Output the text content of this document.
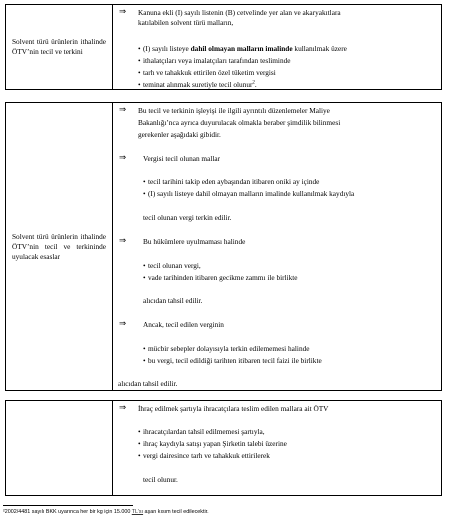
Solvent türü ürünlerin ithalinde ÖTV’nin tecil ve terkini
⇒ Kanuna ekli (I) sayılı listenin (B) cetvelinde yer alan ve akaryakıtlara
katılabilen solvent türü malların,
• (I) sayılı listeye dahil olmayan malların imalinde kullanılmak üzere
• ithalatçıları veya imalatçıları tarafından tesliminde
• tarh ve tahakkuk ettirilen özel tüketim vergisi
• teminat alınmak suretiyle tecil olunur$^2$.
Solvent türü ürünlerin ithalinde ÖTV’nin tecil ve terkininde uyulacak esaslar
⇒ Bu tecil ve terkinin işleyişi ile ilgili ayrıntılı düzenlemeler Maliye
Bakanlığı’nca ayrıca duyurulacak olmakla beraber şimdilik bilinmesi
gerekenler aşağıdaki gibidir.
⇒ Vergisi tecil olunan mallar
• tecil tarihini takip eden aybaşından itibaren oniki ay içinde
• (I) sayılı listeye dahil olmayan malların imalinde kullanılmak kaydıyla
tecil olunan vergi terkin edilir.
⇒ Bu hükümlere uyulmaması halinde
• tecil olunan vergi,
• vade tarihinden itibaren gecikme zammı ile birlikte
alıcıdan tahsil edilir.
⇒ Ancak, tecil edilen verginin
• mücbir sebepler dolayısıyla terkin edilememesi halinde
• bu vergi, tecil edildiği tarihten itibaren tecil faizi ile birlikte
alıcıdan tahsil edilir.
⇒ İhraç edilmek şartıyla ihracatçılara teslim edilen mallara ait ÖTV
• ihracatçılardan tahsil edilmemesi şartıyla,
• ihraç kaydıyla satışı yapan Şirketin talebi üzerine
• vergi dairesince tarh ve tahakkuk ettirilerek
tecil olunur.
²2002/4481 sayılı BKK uyarınca her bir kg için 15.000 TL’sı aşan kısım tecil edilecektir.
